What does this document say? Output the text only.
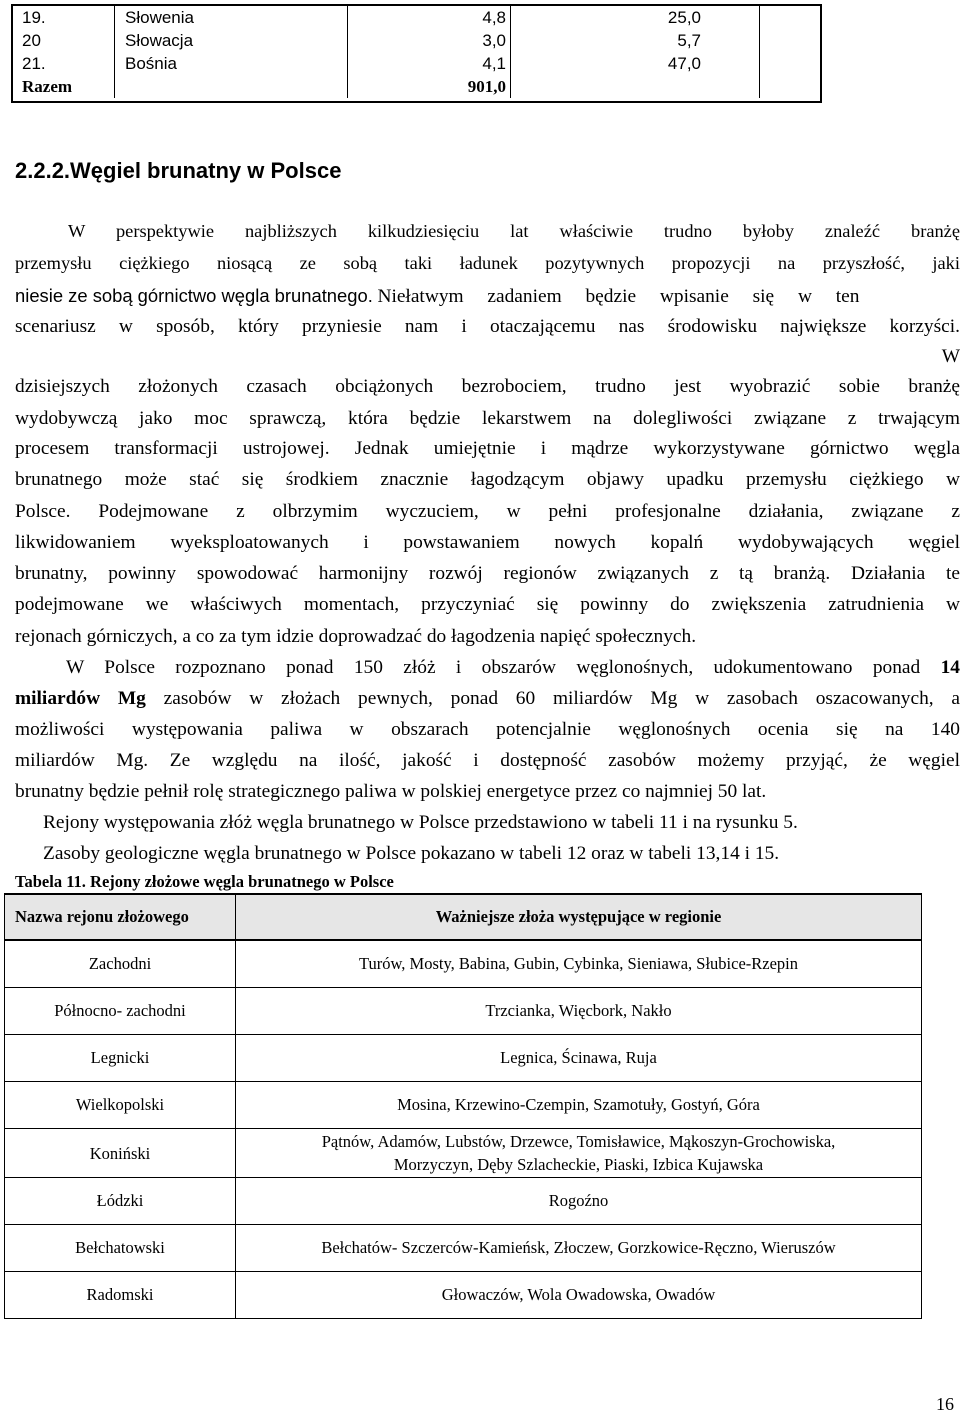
19.	Słowenia	4,8	25,0	
20	Słowacja	3,0	5,7	
21.	Bośnia	4,1	47,0	
Razem		901,0		
2.2.2.Węgiel brunatny w Polsce
W perspektywie najbliższych kilkudziesięciu lat właściwie trudno byłoby znaleźć branżę
przemysłu ciężkiego niosącą ze sobą taki ładunek pozytywnych propozycji na przyszłość, jaki
niesie ze sobą górnictwo węgla brunatnego. Niełatwym zadaniem będzie wpisanie się w ten
scenariusz w sposób, który przyniesie nam i otaczającemu nas środowisku największe korzyści.
W
dzisiejszych złożonych czasach obciążonych bezrobociem, trudno jest wyobrazić sobie branżę
wydobywczą jako moc sprawczą, która będzie lekarstwem na dolegliwości związane z trwającym
procesem transformacji ustrojowej. Jednak umiejętnie i mądrze wykorzystywane górnictwo węgla
brunatnego może stać się środkiem znacznie łagodzącym objawy upadku przemysłu ciężkiego w
Polsce. Podejmowane z olbrzymim wyczuciem, w pełni profesjonalne działania, związane z
likwidowaniem wyeksploatowanych i powstawaniem nowych kopalń wydobywających węgiel
brunatny, powinny spowodować harmonijny rozwój regionów związanych z tą branżą. Działania te
podejmowane we właściwych momentach, przyczyniać się powinny do zwiększenia zatrudnienia w
rejonach górniczych, a co za tym idzie doprowadzać do łagodzenia napięć społecznych.
W Polsce rozpoznano ponad 150 złóż i obszarów węglonośnych, udokumentowano ponad 14
miliardów Mg zasobów w złożach pewnych, ponad 60 miliardów Mg w zasobach oszacowanych, a
możliwości występowania paliwa w obszarach potencjalnie węglonośnych ocenia się na 140
miliardów Mg. Ze względu na ilość, jakość i dostępność zasobów możemy przyjąć, że węgiel
brunatny będzie pełnił rolę strategicznego paliwa w polskiej energetyce przez co najmniej 50 lat.
Rejony występowania złóż węgla brunatnego w Polsce przedstawiono w tabeli 11 i na rysunku 5.
Zasoby geologiczne węgla brunatnego w Polsce pokazano w tabeli 12 oraz w tabeli 13,14 i 15.
Tabela 11. Rejony złożowe węgla brunatnego w Polsce
Nazwa rejonu złożowego	Ważniejsze złoża występujące w regionie
Zachodni	Turów, Mosty, Babina, Gubin, Cybinka, Sieniawa, Słubice-Rzepin
Północno- zachodni	Trzcianka, Więcbork, Nakło
Legnicki	Legnica, Ścinawa, Ruja
Wielkopolski	Mosina, Krzewino-Czempin, Szamotuły, Gostyń, Góra
Koniński	Pątnów, Adamów, Lubstów, Drzewce, Tomisławice, Mąkoszyn-Grochowiska,
Morzyczyn, Dęby Szlacheckie, Piaski, Izbica Kujawska

Łódzki	Rogoźno
Bełchatowski	Bełchatów- Szczerców-Kamieńsk, Złoczew, Gorzkowice-Ręczno, Wieruszów
Radomski	Głowaczów, Wola Owadowska, Owadów
16
